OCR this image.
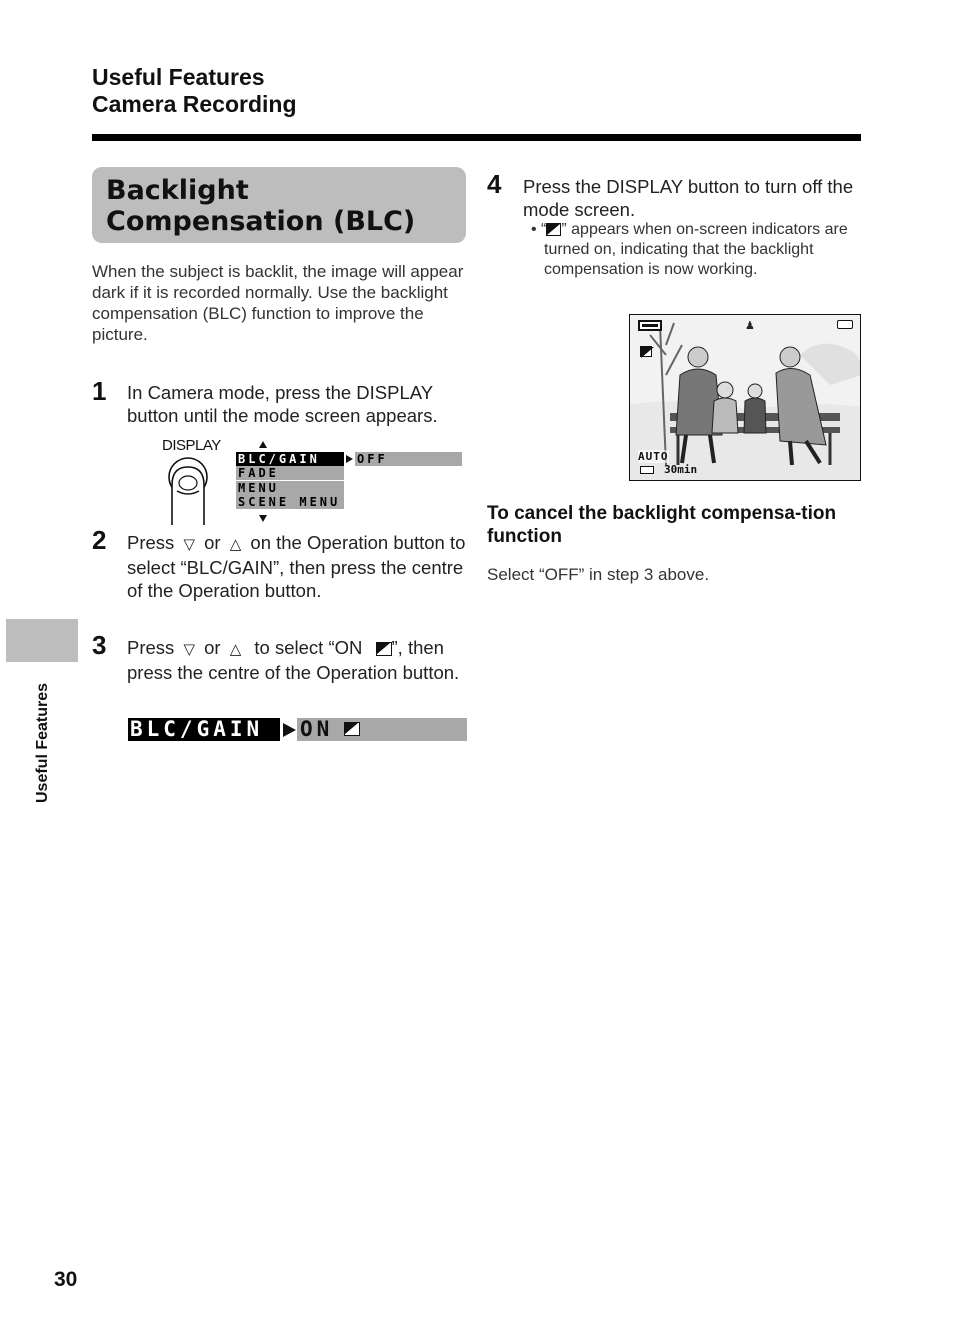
Useful Features
Camera Recording
Backlight
Compensation (BLC)
When the subject is backlit, the image will appear dark if it is recorded normally. Use the backlight compensation (BLC) function to improve the picture.
1 In Camera mode, press the DISPLAY button until the mode screen appears.
DISPLAY
BLC/GAIN
FADE
MENU
SCENE MENU
OFF
2 Press ▽ or △ on the Operation button to select “BLC/GAIN”, then press the centre of the Operation button.
3 Press ▽ or △ to select “ON ”, then press the centre of the Operation button.
BLC/GAIN	ON
4 Press the DISPLAY button to turn off the mode screen.
• “ ” appears when on-screen indicators are turned on, indicating that the backlight compensation is now working.
♟
AUTO
30min
To cancel the backlight compensa-tion function
Select “OFF” in step 3 above.
Useful Features
30
